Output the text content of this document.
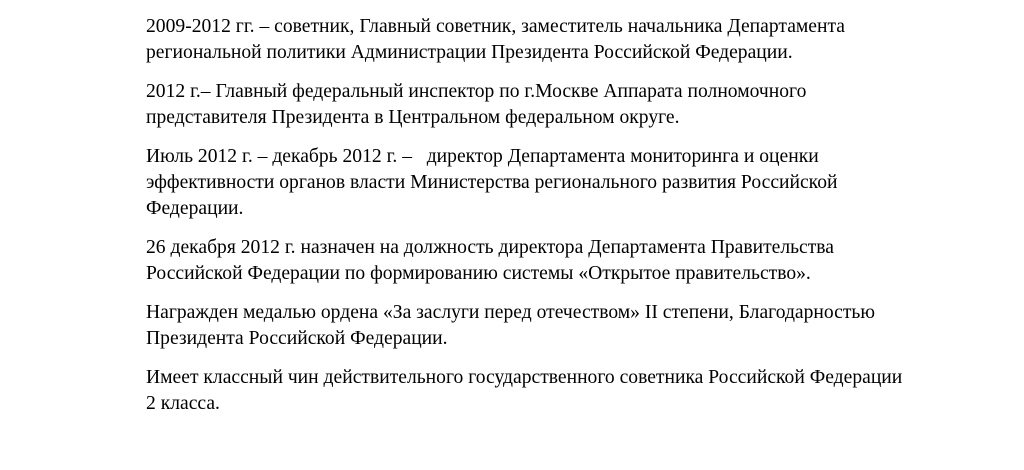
2009-2012 гг. – советник, Главный советник, заместитель начальника Департамента
региональной политики Администрации Президента Российской Федерации.

2012 г.– Главный федеральный инспектор по г.Москве Аппарата полномочного
представителя Президента в Центральном федеральном округе.

Июль 2012 г. – декабрь 2012 г. –   директор Департамента мониторинга и оценки
эффективности органов власти Министерства регионального развития Российской
Федерации.

26 декабря 2012 г. назначен на должность директора Департамента Правительства
Российской Федерации по формированию системы «Открытое правительство».

Награжден медалью ордена «За заслуги перед отечеством» II степени, Благодарностью
Президента Российской Федерации.

Имеет классный чин действительного государственного советника Российской Федерации
2 класса.
